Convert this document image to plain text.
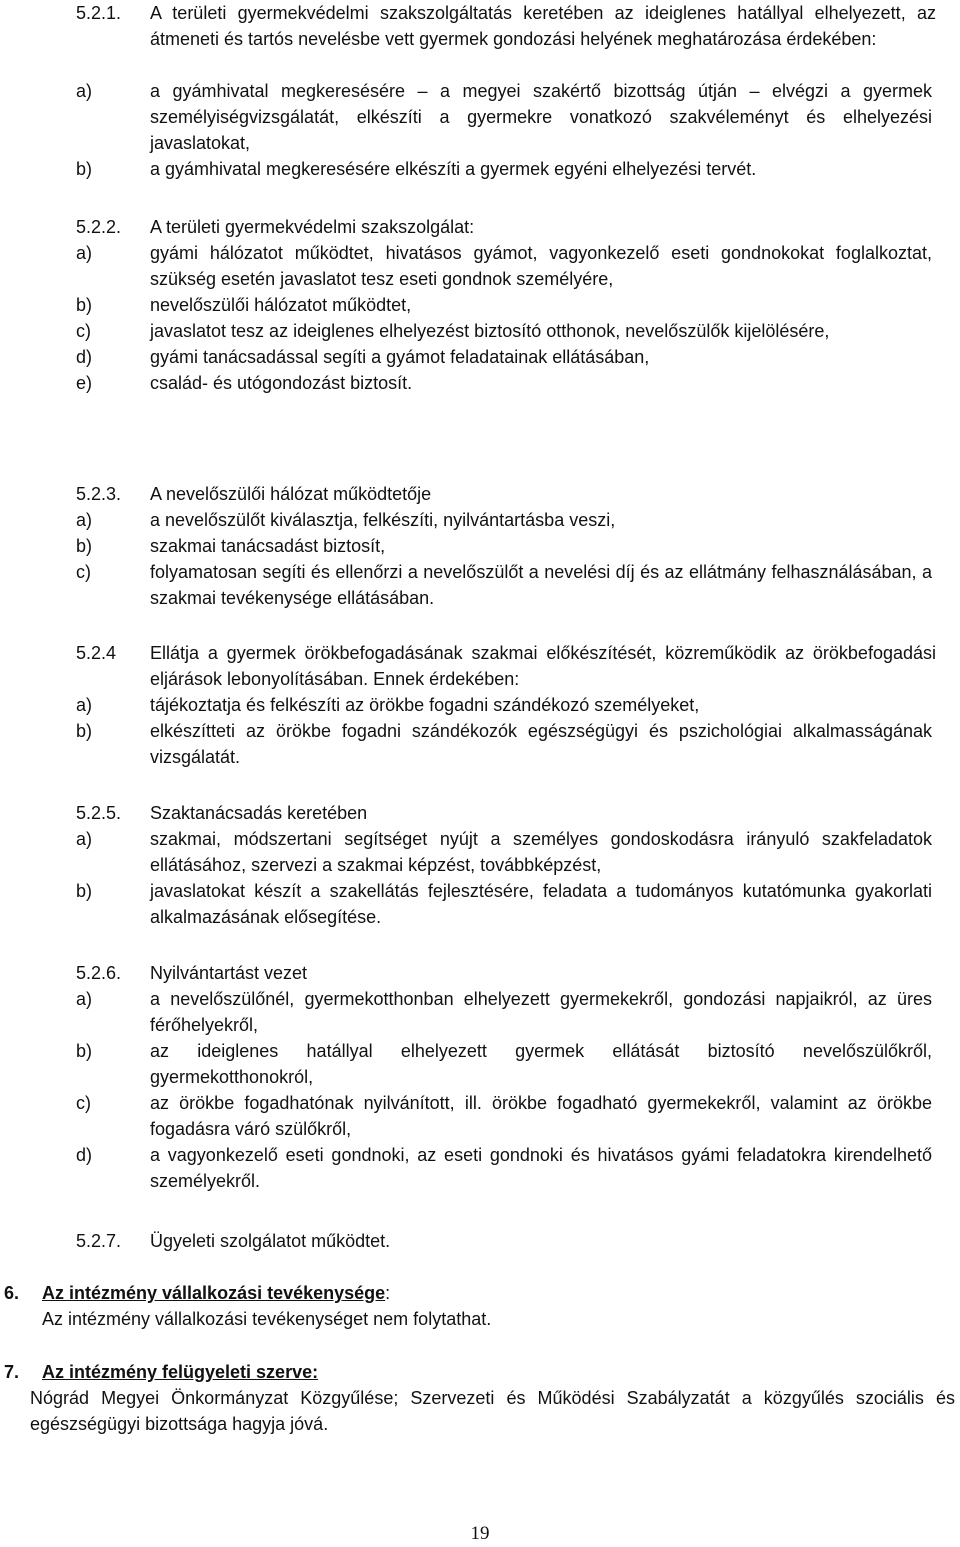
5.2.1. A területi gyermekvédelmi szakszolgáltatás keretében az ideiglenes hatállyal elhelyezett, az átmeneti és tartós nevelésbe vett gyermek gondozási helyének meghatározása érdekében:
a)	a gyámhivatal megkeresésére – a megyei szakértő bizottság útján – elvégzi a gyermek személyiségvizsgálatát, elkészíti a gyermekre vonatkozó szakvéleményt és elhelyezési javaslatokat,
b)	a gyámhivatal megkeresésére elkészíti a gyermek egyéni elhelyezési tervét.
5.2.2. A területi gyermekvédelmi szakszolgálat:
a)	gyámi hálózatot működtet, hivatásos gyámot, vagyonkezelő eseti gondnokokat foglalkoztat, szükség esetén javaslatot tesz eseti gondnok személyére,
b)	nevelőszülői hálózatot működtet,
c)	javaslatot tesz az ideiglenes elhelyezést biztosító otthonok, nevelőszülők kijelölésére,
d)	gyámi tanácsadással segíti a gyámot feladatainak ellátásában,
e)	család- és utógondozást biztosít.
5.2.3. A nevelőszülői hálózat működtetője
a)	a nevelőszülőt kiválasztja, felkészíti, nyilvántartásba veszi,
b)	szakmai tanácsadást biztosít,
c)	folyamatosan segíti és ellenőrzi a nevelőszülőt a nevelési díj és az ellátmány felhasználásában, a szakmai tevékenysége ellátásában.
5.2.4 Ellátja a gyermek örökbefogadásának szakmai előkészítését, közreműködik az örökbefogadási eljárások lebonyolításában. Ennek érdekében:
a)	tájékoztatja és felkészíti az örökbe fogadni szándékozó személyeket,
b)	elkészítteti az örökbe fogadni szándékozók egészségügyi és pszichológiai alkalmasságának vizsgálatát.
5.2.5. Szaktanácsadás keretében
a)	szakmai, módszertani segítséget nyújt a személyes gondoskodásra irányuló szakfeladatok ellátásához, szervezi a szakmai képzést, továbbképzést,
b)	javaslatokat készít a szakellátás fejlesztésére, feladata a tudományos kutatómunka gyakorlati alkalmazásának elősegítése.
5.2.6. Nyilvántartást vezet
a)	a nevelőszülőnél, gyermekotthonban elhelyezett gyermekekről, gondozási napjaikról, az üres férőhelyekről,
b)	az ideiglenes hatállyal elhelyezett gyermek ellátását biztosító nevelőszülőkről, gyermekotthonokról,
c)	az örökbe fogadhatónak nyilvánított, ill. örökbe fogadható gyermekekről, valamint az örökbe fogadásra váró szülőkről,
d)	a vagyonkezelő eseti gondnoki, az eseti gondnoki és hivatásos gyámi feladatokra kirendelhető személyekről.
5.2.7. Ügyeleti szolgálatot működtet.
6. Az intézmény vállalkozási tevékenysége:
Az intézmény vállalkozási tevékenységet nem folytathat.
7. Az intézmény felügyeleti szerve:
Nógrád Megyei Önkormányzat Közgyűlése; Szervezeti és Működési Szabályzatát a közgyűlés szociális és egészségügyi bizottsága hagyja jóvá.
19
